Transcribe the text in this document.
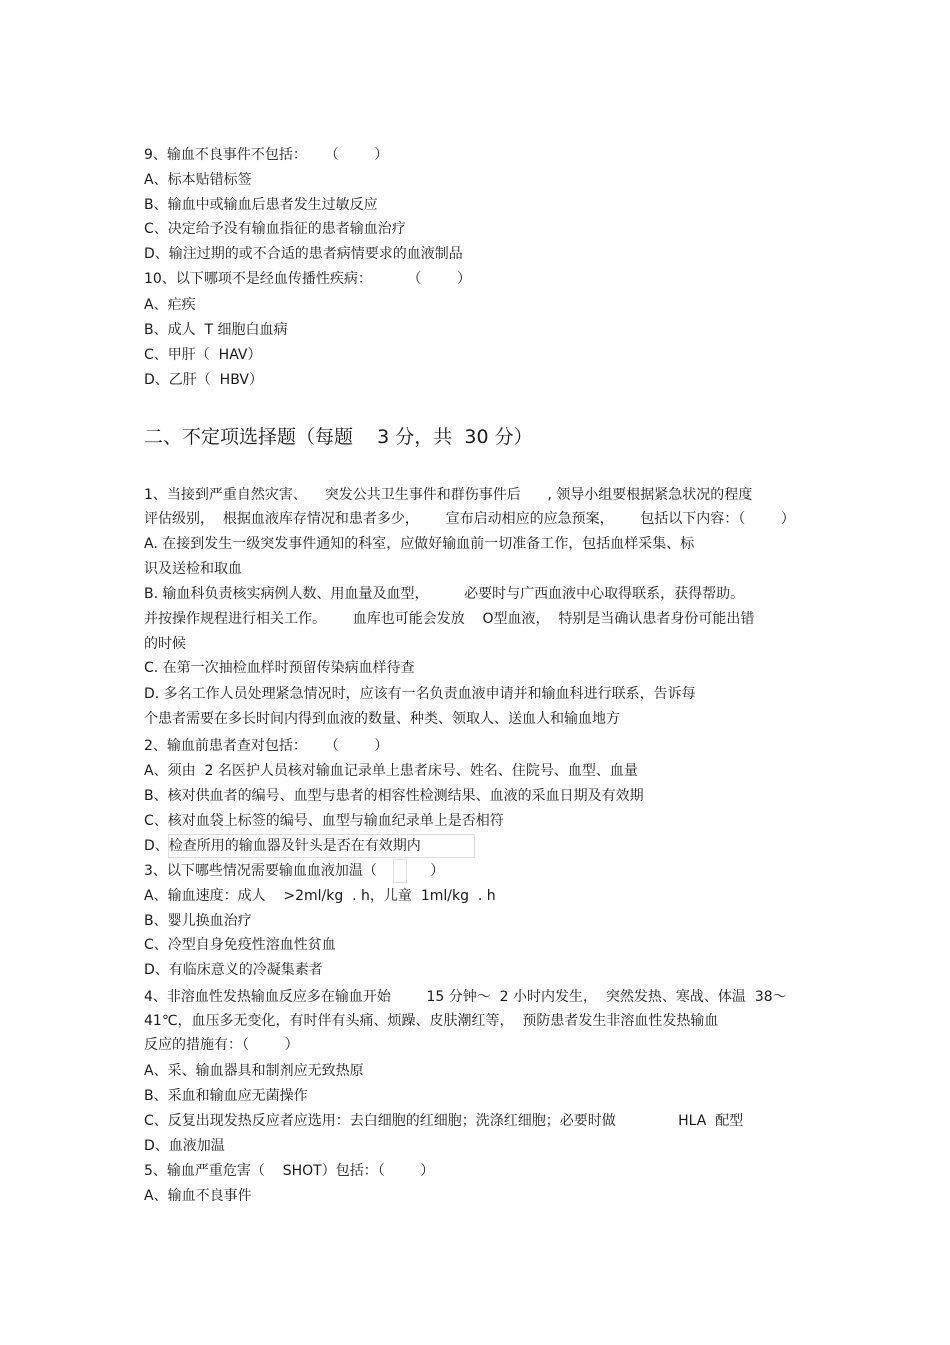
9、输血不良事件不包括：    （        ）
A、标本贴错标签
B、输血中或输血后患者发生过敏反应
C、决定给予没有输血指征的患者输血治疗
D、输注过期的或不合适的患者病情要求的血液制品
10、以下哪项不是经血传播性疾病：        （        ）
A、疟疾
B、成人  T 细胞白血病
C、甲肝（  HAV）
D、乙肝（  HBV）
二、不定项选择题（每题    3 分，共  30 分）
1、当接到严重自然灾害、    突发公共卫生事件和群伤事件后      , 领导小组要根据紧急状况的程度
评估级别，  根据血液库存情况和患者多少，      宣布启动相应的应急预案，      包括以下内容：（        ）
A. 在接到发生一级突发事件通知的科室，应做好输血前一切准备工作，包括血样采集、标
识及送检和取血
B. 输血科负责核实病例人数、用血量及血型，        必要时与广西血液中心取得联系，获得帮助。
并按操作规程进行相关工作。      血库也可能会发放    O型血液，  特别是当确认患者身份可能出错
的时候
C. 在第一次抽检血样时预留传染病血样待查
D. 多名工作人员处理紧急情况时，应该有一名负责血液申请并和输血科进行联系，告诉每
个患者需要在多长时间内得到血液的数量、种类、领取人、送血人和输血地方
2、输血前患者查对包括：    （        ）
A、须由  2 名医护人员核对输血记录单上患者床号、姓名、住院号、血型、血量
B、核对供血者的编号、血型与患者的相容性检测结果、血液的采血日期及有效期
C、核对血袋上标签的编号、血型与输血纪录单上是否相符
D、检查所用的输血器及针头是否在有效期内
3、以下哪些情况需要输血血液加温（            ）
A、输血速度：成人    >2ml/kg  . h，儿童  1ml/kg  . h
B、婴儿换血治疗
C、冷型自身免疫性溶血性贫血
D、有临床意义的冷凝集素者
4、非溶血性发热输血反应多在输血开始        15 分钟～  2 小时内发生，  突然发热、寒战、体温  38～
41℃，血压多无变化，有时伴有头痛、烦躁、皮肤潮红等，  预防患者发生非溶血性发热输血
反应的措施有：（        ）
A、采、输血器具和制剂应无致热原
B、采血和输血应无菌操作
C、反复出现发热反应者应选用：去白细胞的红细胞；洗涤红细胞；必要时做              HLA  配型
D、血液加温
5、输血严重危害（    SHOT）包括：（        ）
A、输血不良事件
